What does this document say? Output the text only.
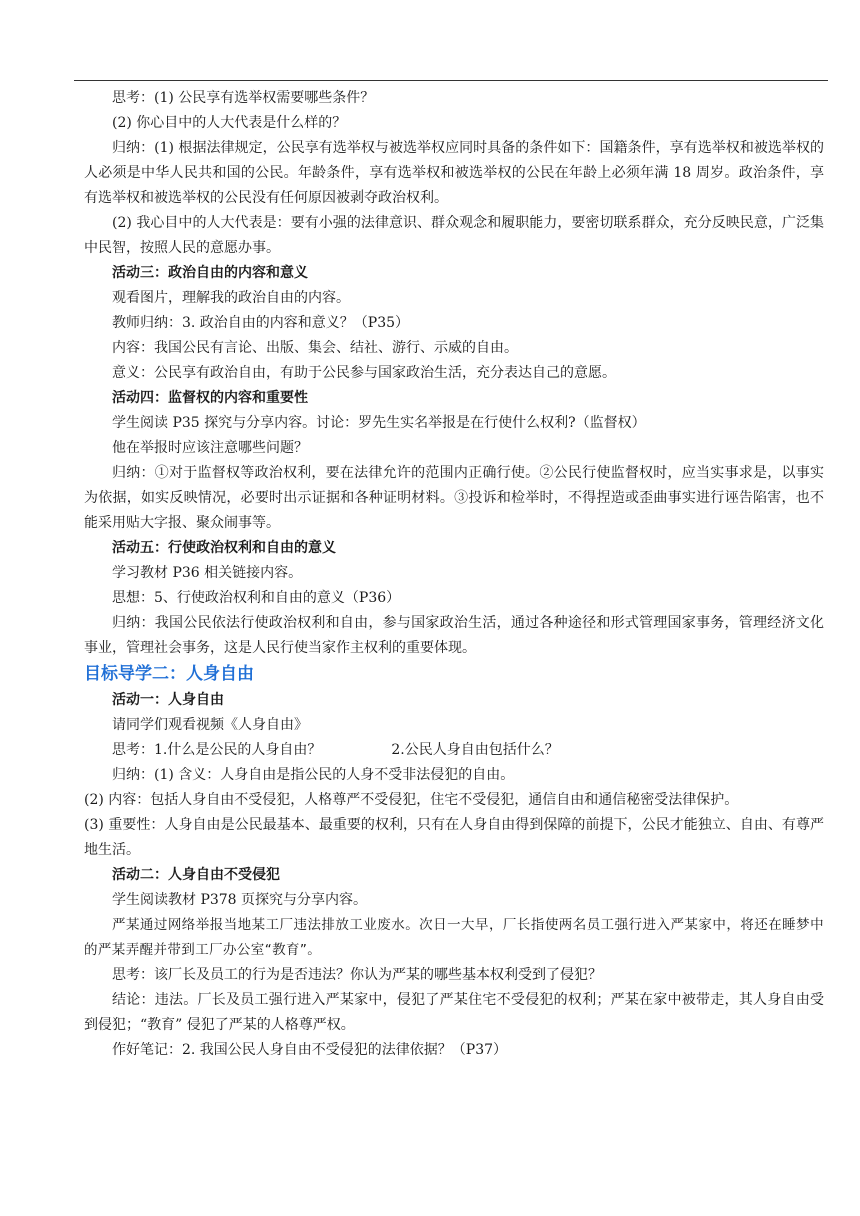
思考：(1) 公民享有选举权需要哪些条件？

(2) 你心目中的人大代表是什么样的？

归纳：(1) 根据法律规定，公民享有选举权与被选举权应同时具备的条件如下：国籍条件，享有选举权和被选举权的人必须是中华人民共和国的公民。年龄条件，享有选举权和被选举权的公民在年龄上必须年满 18 周岁。政治条件，享有选举权和被选举权的公民没有任何原因被剥夺政治权利。

(2) 我心目中的人大代表是：要有小强的法律意识、群众观念和履职能力，要密切联系群众，充分反映民意，广泛集中民智，按照人民的意愿办事。

活动三：政治自由的内容和意义

观看图片，理解我的政治自由的内容。

教师归纳：3. 政治自由的内容和意义？（P35）

内容：我国公民有言论、出版、集会、结社、游行、示威的自由。

意义：公民享有政治自由，有助于公民参与国家政治生活，充分表达自己的意愿。

活动四：监督权的内容和重要性

学生阅读 P35 探究与分享内容。讨论：罗先生实名举报是在行使什么权利?（监督权）

他在举报时应该注意哪些问题？

归纳：①对于监督权等政治权利，要在法律允许的范围内正确行使。②公民行使监督权时，应当实事求是，以事实为依据，如实反映情况，必要时出示证据和各种证明材料。③投诉和检举时，不得捏造或歪曲事实进行诬告陷害，也不能采用贴大字报、聚众闹事等。

活动五：行使政治权利和自由的意义

学习教材 P36 相关链接内容。

思想：5、行使政治权利和自由的意义（P36）

归纳：我国公民依法行使政治权利和自由，参与国家政治生活，通过各种途径和形式管理国家事务，管理经济文化事业，管理社会事务，这是人民行使当家作主权利的重要体现。

目标导学二：人身自由

活动一：人身自由

请同学们观看视频《人身自由》

思考：1.什么是公民的人身自由？	2.公民人身自由包括什么？

归纳：(1) 含义：人身自由是指公民的人身不受非法侵犯的自由。

(2) 内容：包括人身自由不受侵犯，人格尊严不受侵犯，住宅不受侵犯，通信自由和通信秘密受法律保护。

(3) 重要性：人身自由是公民最基本、最重要的权利，只有在人身自由得到保障的前提下，公民才能独立、自由、有尊严地生活。

活动二：人身自由不受侵犯

学生阅读教材 P378 页探究与分享内容。

严某通过网络举报当地某工厂违法排放工业废水。次日一大早，厂长指使两名员工强行进入严某家中，将还在睡梦中的严某弄醒并带到工厂办公室“教育”。

思考：该厂长及员工的行为是否违法？你认为严某的哪些基本权利受到了侵犯？

结论：违法。厂长及员工强行进入严某家中，侵犯了严某住宅不受侵犯的权利；严某在家中被带走，其人身自由受到侵犯；“教育” 侵犯了严某的人格尊严权。

作好笔记：2. 我国公民人身自由不受侵犯的法律依据？（P37）
